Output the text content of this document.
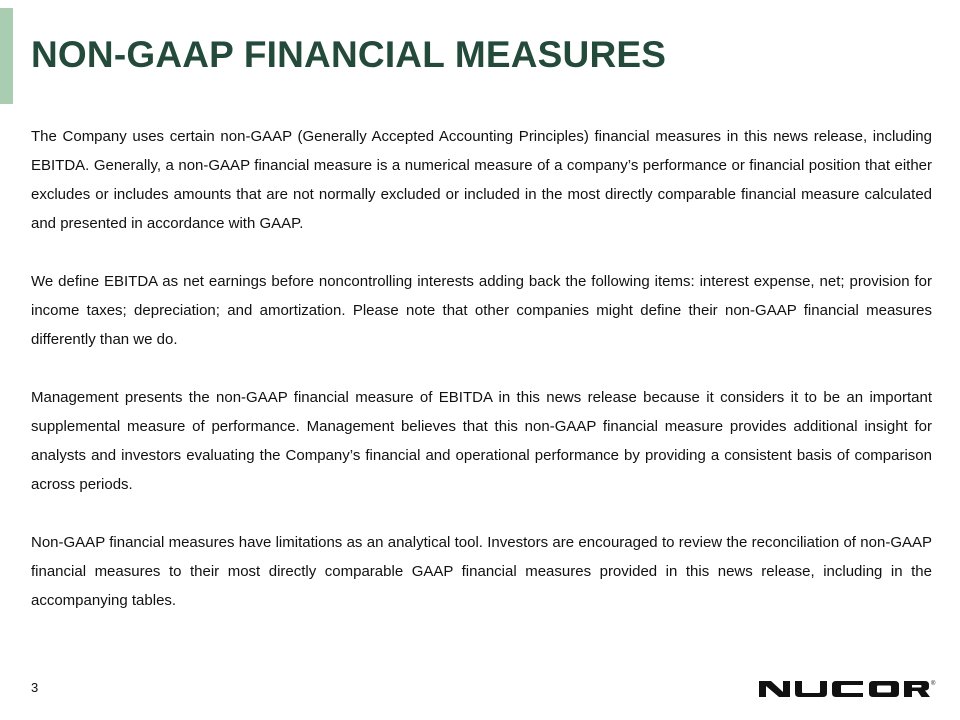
NON-GAAP FINANCIAL MEASURES

The Company uses certain non-GAAP (Generally Accepted Accounting Principles) financial measures in this news release, including EBITDA. Generally, a non-GAAP financial measure is a numerical measure of a company’s performance or financial position that either excludes or includes amounts that are not normally excluded or included in the most directly comparable financial measure calculated and presented in accordance with GAAP.

We define EBITDA as net earnings before noncontrolling interests adding back the following items: interest expense, net; provision for income taxes; depreciation; and amortization. Please note that other companies might define their non-GAAP financial measures differently than we do.

Management presents the non-GAAP financial measure of EBITDA in this news release because it considers it to be an important supplemental measure of performance. Management believes that this non-GAAP financial measure provides additional insight for analysts and investors evaluating the Company’s financial and operational performance by providing a consistent basis of comparison across periods.

Non-GAAP financial measures have limitations as an analytical tool. Investors are encouraged to review the reconciliation of non-GAAP financial measures to their most directly comparable GAAP financial measures provided in this news release, including in the accompanying tables.

3	®
